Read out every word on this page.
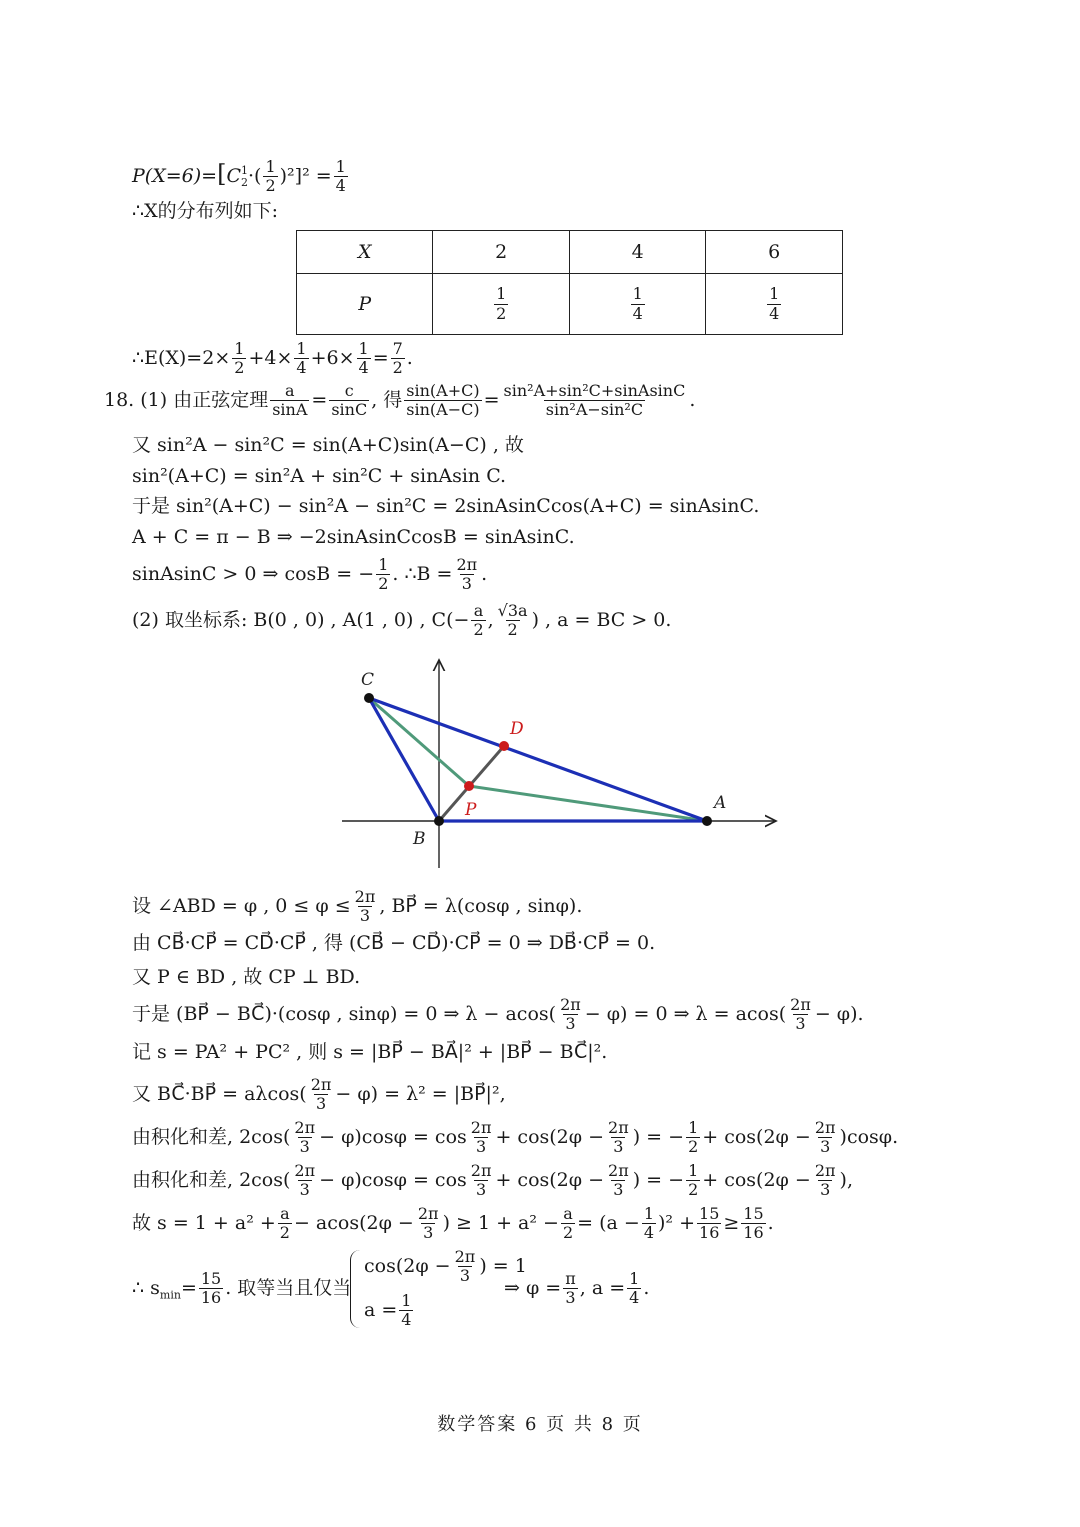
P(X=6)=[C 1
2 ·( $\frac{1}{2} )^2]^2 = \frac{1}{4}$
∴X的分布列如下:
X	2	4	6
P	$\frac{1}{2}$	$\frac{1}{4}$	$\frac{1}{4}$
∴E(X)=2× $\frac{1}{2} +4\times \frac{1}{4} +6\times \frac{1}{4} = \frac{7}{2}$ .
18. (1) 由正弦定理 $\frac{a}{\sin A} = \frac{c}{\sin C}$ , 得 $\frac{\sin(A+C)}{\sin(A-C)} = \frac{\text{sin²A+sin²C+sinAsinC}}{\text{sin²A−sin²C}}$ .
又 sin²A − sin²C = sin(A+C)sin(A−C) , 故
sin²(A+C) = sin²A + sin²C + sinAsin C.
于是 sin²(A+C) − sin²A − sin²C = 2sinAsinCcos(A+C) = sinAsinC.
A + C = π − B ⇒ −2sinAsinCcosB = sinAsinC.
sinAsinC > 0 ⇒ cosB = − $\frac{1}{2}$ . ∴B = $\frac{2\pi}{3}$ .
(2) 取坐标系: B(0 , 0) , A(1 , 0) , $C(- \frac{a}{2}$ , $\frac{√3a}{2}$ ) , a = BC > 0.
C
D
P	A
B
设 ∠ABD = φ , $0 \le \varphi \le \frac{2\pi}{3}$ , BP⃗ = λ(cosφ , sinφ).
由 CB⃗·CP⃗ = CD⃗·CP⃗ , 得 (CB⃗ − CD⃗)·CP⃗ = 0 ⇒ DB⃗·CP⃗ = 0.
又 P ∈ BD , 故 CP ⊥ BD.
于是 (BP⃗ − BC⃗)·(cosφ , sinφ) = 0 ⇒ $\lambda - acos( \frac{2\pi}{3} - \varphi) = 0$ ⇒ $\lambda = acos( \frac{2\pi}{3} - \varphi)$.
记 s = PA² + PC² , 则 s = |BP⃗ − BA⃗|² + |BP⃗ − BC⃗|².
又 BC⃗·BP⃗ = $a\lambda\cos( \frac{2\pi}{3} - \varphi) = \lambda^2$ = |BP⃗|²,
由积化和差, $2\cos( \frac{2\pi}{3} - \varphi)\cos\varphi = \cos \frac{2\pi}{3} + \cos(2\varphi - \frac{2\pi}{3}$ ) = − $\frac{1}{2} + \cos(2\varphi - \frac{2\pi}{3} )\cos\varphi$.
由积化和差, $2\cos( \frac{2\pi}{3} - \varphi)\cos\varphi = \cos \frac{2\pi}{3} + \cos(2\varphi - \frac{2\pi}{3}$ ) = − $\frac{1}{2} + \cos(2\varphi - \frac{2\pi}{3}$ ),
故 $s = 1 + a^2 + \frac{a}{2} - acos(2\varphi - \frac{2\pi}{3}$ ) ≥ $1 + a^2 - \frac{a}{2} = (a - \frac{1}{4} )^2 + \frac{15}{16} \ge \frac{15}{16}$ .
∴ $s_{min}= \frac{15}{16}$ . 取等当且仅当
$\cos(2\varphi - \frac{2\pi}{3}$ ) = 1
$a = \frac{1}{4}$
⇒ $\varphi = \frac{\pi}{3}$ , $a = \frac{1}{4}$ .
数学答案 6 页 共 8 页
